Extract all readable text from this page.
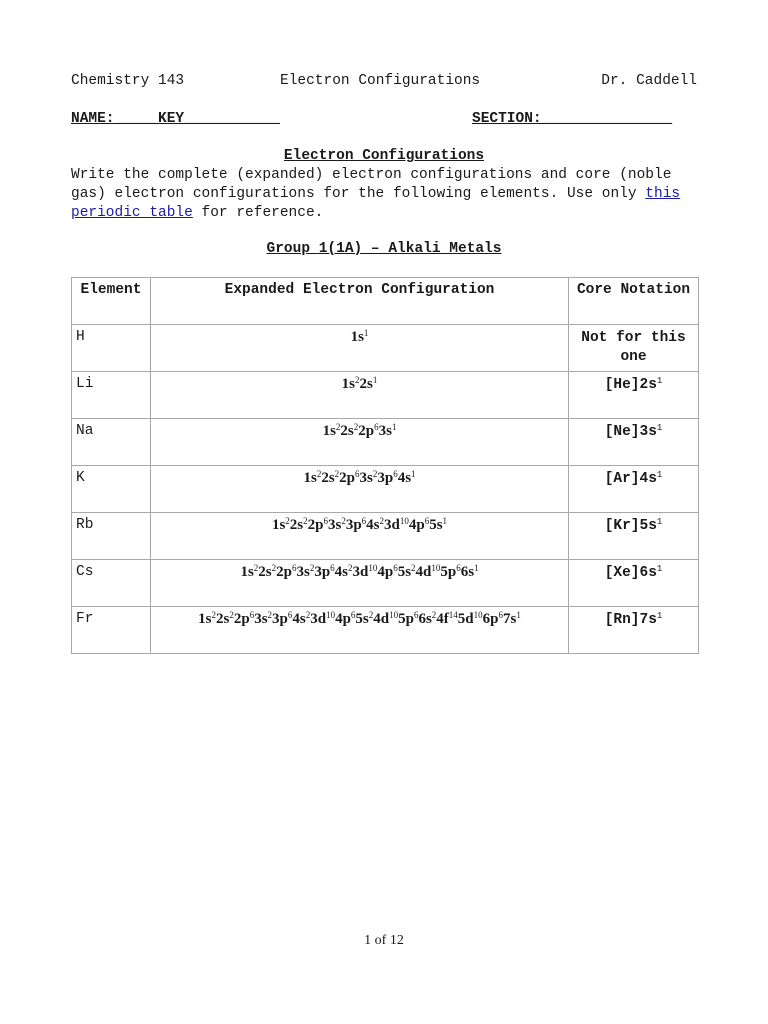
Chemistry 143	Electron Configurations	Dr. Caddell
NAME:_____KEY___________	SECTION:_______________
Electron Configurations
Write the complete (expanded) electron configurations and core (noble gas) electron configurations for the following elements. Use only this periodic table for reference.
Group 1(1A) – Alkali Metals
Element	Expanded Electron Configuration	Core Notation
H	$1s^1$	Not for this one
Li	$1s^22s^1$	$[He]2s^1$
Na	$1s^22s^22p^63s^1$	$[Ne]3s^1$
K	$1s^22s^22p^63s^23p^64s^1$	$[Ar]4s^1$
Rb	$1s^22s^22p^63s^23p^64s^23d^{10}4p^65s^1$	$[Kr]5s^1$
Cs	$1s^22s^22p^63s^23p^64s^23d^{10}4p^65s^24d^{10}5p^66s^1$	$[Xe]6s^1$
Fr	$1s^22s^22p^63s^23p^64s^23d^{10}4p^65s^24d^{10}5p^66s^24f^{14}5d^{10}6p^67s^1$	$[Rn]7s^1$
1 of 12
